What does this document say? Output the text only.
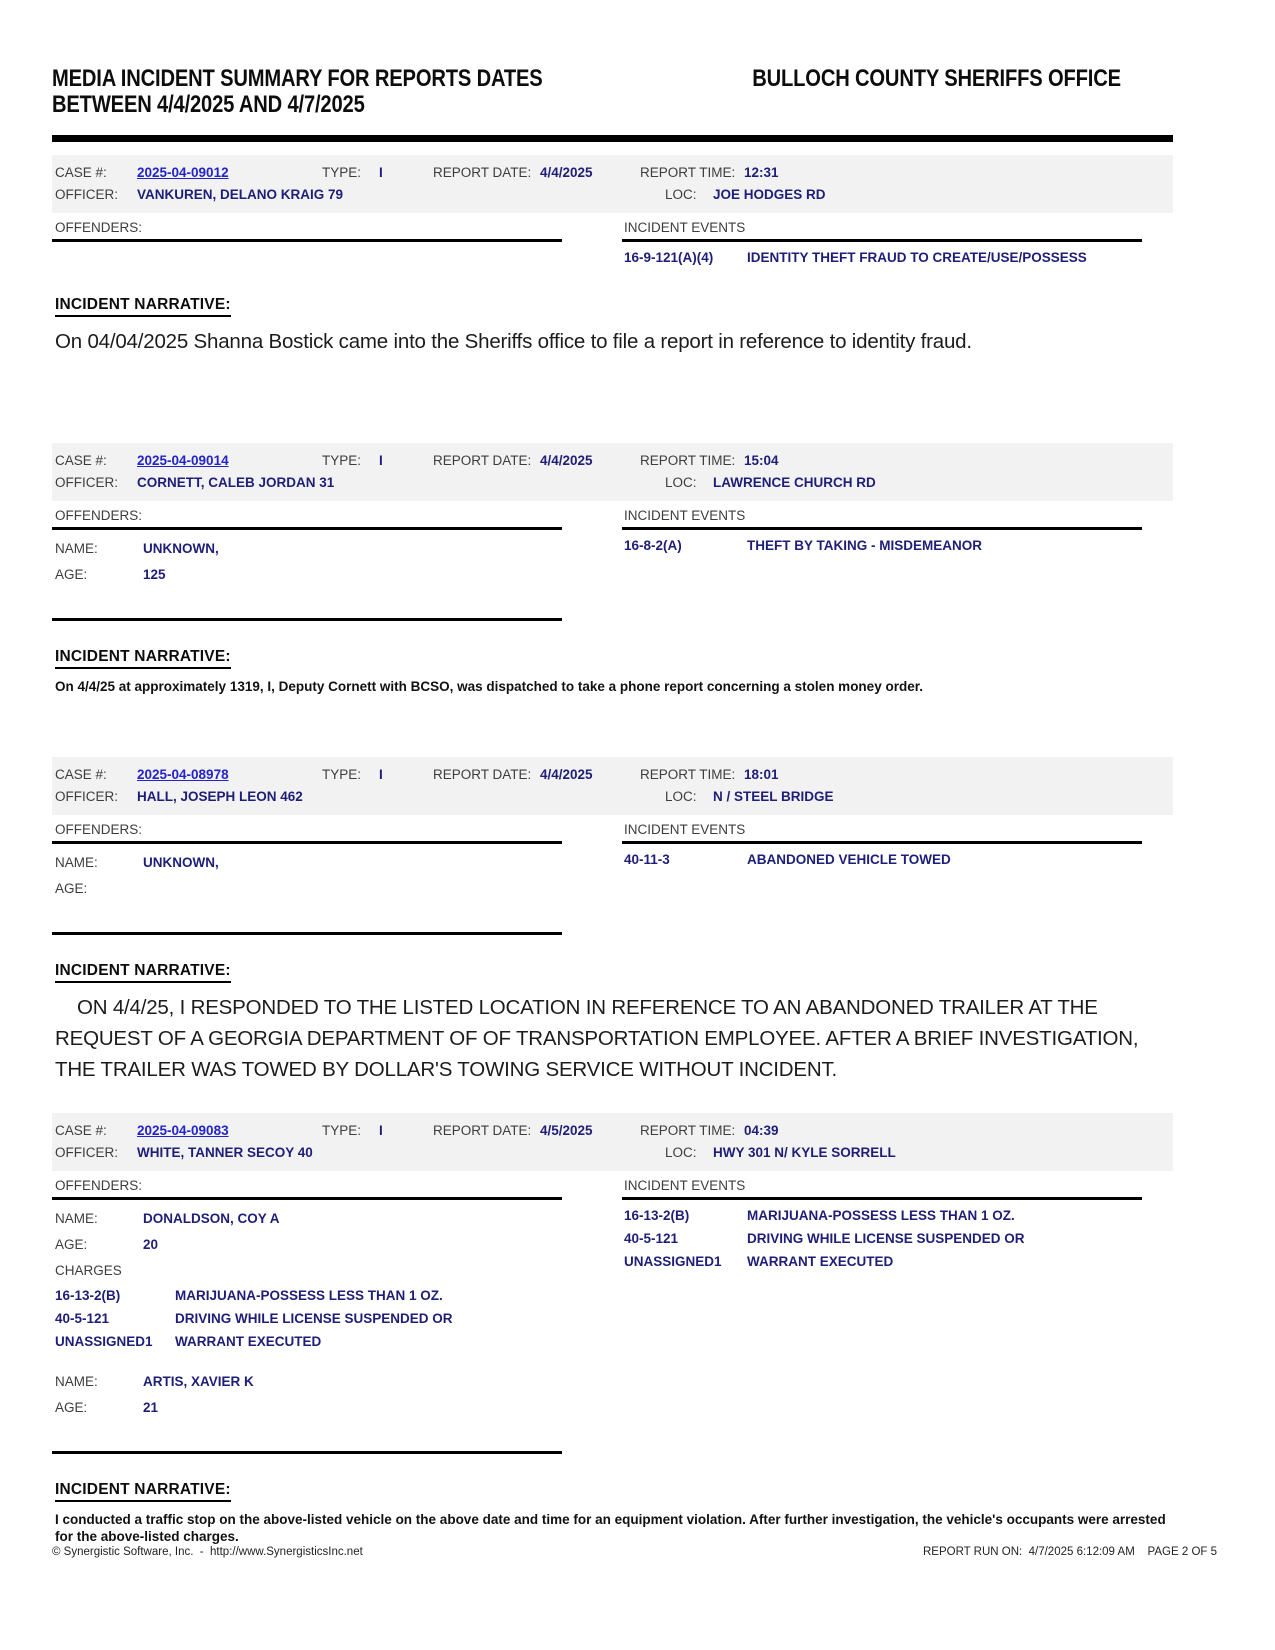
MEDIA INCIDENT SUMMARY FOR REPORTS DATES
BETWEEN 4/4/2025 AND 4/7/2025
BULLOCH COUNTY SHERIFFS OFFICE
CASE #:	2025-04-09012	TYPE:	I	REPORT DATE: 4/4/2025	REPORT TIME: 12:31
OFFICER:	VANKUREN, DELANO KRAIG 79	LOC:	JOE HODGES RD
OFFENDERS:	INCIDENT EVENTS
16-9-121(A)(4)	IDENTITY THEFT FRAUD TO CREATE/USE/POSSESS
INCIDENT NARRATIVE:
On 04/04/2025 Shanna Bostick came into the Sheriffs office to file a report in reference to identity fraud.
CASE #:	2025-04-09014	TYPE:	I	REPORT DATE: 4/4/2025	REPORT TIME: 15:04
OFFICER:	CORNETT, CALEB JORDAN 31	LOC:	LAWRENCE CHURCH RD
OFFENDERS:
NAME:	UNKNOWN,
AGE:	125
INCIDENT EVENTS
16-8-2(A)	THEFT BY TAKING - MISDEMEANOR
INCIDENT NARRATIVE:
On 4/4/25 at approximately 1319, I, Deputy Cornett with BCSO, was dispatched to take a phone report concerning a stolen money order.
CASE #:	2025-04-08978	TYPE:	I	REPORT DATE: 4/4/2025	REPORT TIME: 18:01
OFFICER:	HALL, JOSEPH LEON 462	LOC:	N / STEEL BRIDGE
OFFENDERS:
NAME:	UNKNOWN,
AGE:
INCIDENT EVENTS
40-11-3	ABANDONED VEHICLE TOWED
INCIDENT NARRATIVE:
ON 4/4/25, I RESPONDED TO THE LISTED LOCATION IN REFERENCE TO AN ABANDONED TRAILER AT THE REQUEST OF A GEORGIA DEPARTMENT OF OF TRANSPORTATION EMPLOYEE. AFTER A BRIEF INVESTIGATION, THE TRAILER WAS TOWED BY DOLLAR'S TOWING SERVICE WITHOUT INCIDENT.
CASE #:	2025-04-09083	TYPE:	I	REPORT DATE: 4/5/2025	REPORT TIME: 04:39
OFFICER:	WHITE, TANNER SECOY 40	LOC:	HWY 301 N/ KYLE SORRELL
OFFENDERS:
NAME:	DONALDSON, COY A
AGE:	20
CHARGES
16-13-2(B)	MARIJUANA-POSSESS LESS THAN 1 OZ.
40-5-121	DRIVING WHILE LICENSE SUSPENDED OR
UNASSIGNED1	WARRANT EXECUTED
NAME:	ARTIS, XAVIER K
AGE:	21
INCIDENT EVENTS
16-13-2(B)	MARIJUANA-POSSESS LESS THAN 1 OZ.
40-5-121	DRIVING WHILE LICENSE SUSPENDED OR
UNASSIGNED1	WARRANT EXECUTED
INCIDENT NARRATIVE:
I conducted a traffic stop on the above-listed vehicle on the above date and time for an equipment violation. After further investigation, the vehicle's occupants were arrested for the above-listed charges.
© Synergistic Software, Inc.  -  http://www.SynergisticsInc.net	REPORT RUN ON:  4/7/2025 6:12:09 AM    PAGE 2 OF 5
